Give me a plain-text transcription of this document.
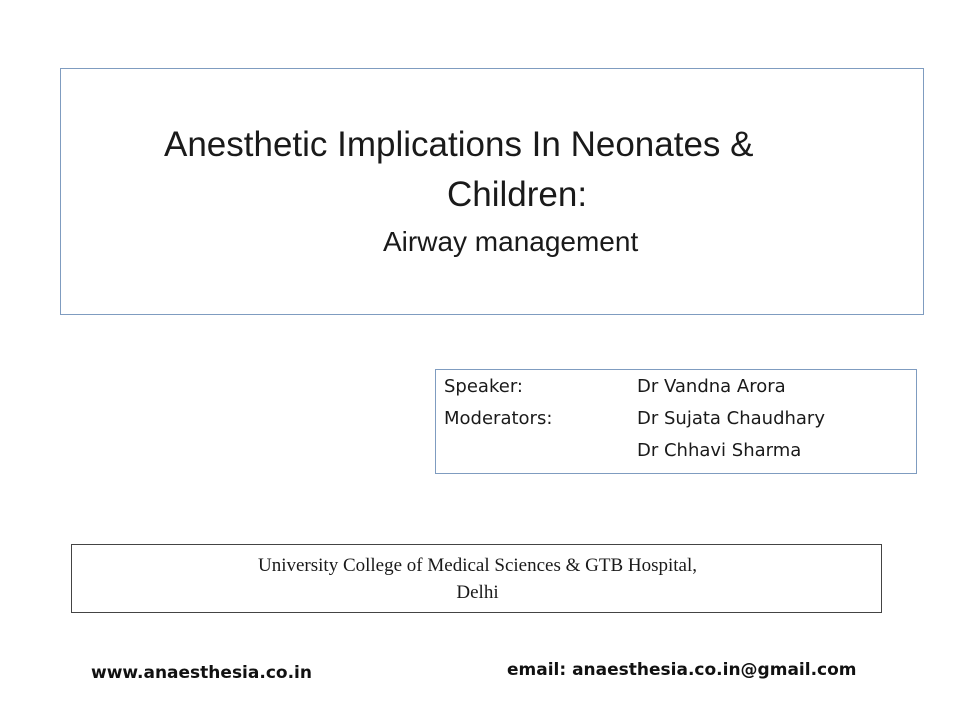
Anesthetic Implications In Neonates &
Children:
Airway management
Speaker:	Dr Vandna Arora
Moderators:	Dr Sujata Chaudhary
Dr Chhavi Sharma
University College of Medical Sciences & GTB Hospital,
Delhi
www.anaesthesia.co.in	email: anaesthesia.co.in@gmail.com
